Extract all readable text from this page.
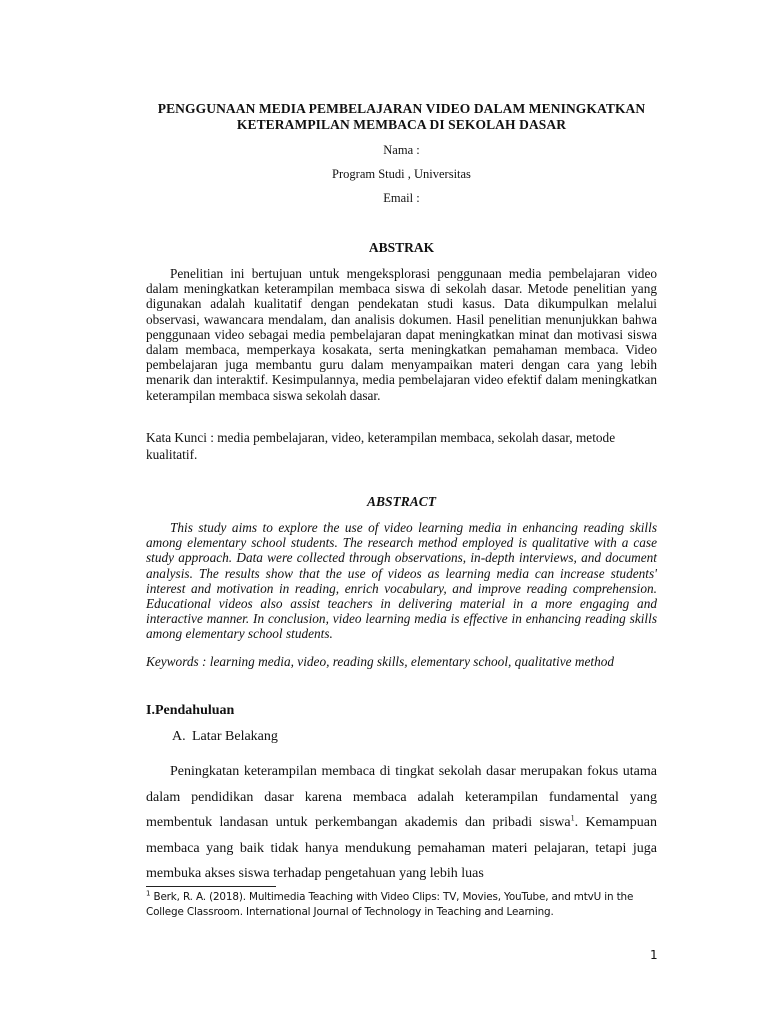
PENGGUNAAN MEDIA PEMBELAJARAN VIDEO DALAM MENINGKATKAN
KETERAMPILAN MEMBACA DI SEKOLAH DASAR
Nama :
Program Studi , Universitas
Email :
ABSTRAK

Penelitian ini bertujuan untuk mengeksplorasi penggunaan media pembelajaran video dalam meningkatkan keterampilan membaca siswa di sekolah dasar. Metode penelitian yang digunakan adalah kualitatif dengan pendekatan studi kasus. Data dikumpulkan melalui observasi, wawancara mendalam, dan analisis dokumen. Hasil penelitian menunjukkan bahwa penggunaan video sebagai media pembelajaran dapat meningkatkan minat dan motivasi siswa dalam membaca, memperkaya kosakata, serta meningkatkan pemahaman membaca. Video pembelajaran juga membantu guru dalam menyampaikan materi dengan cara yang lebih menarik dan interaktif. Kesimpulannya, media pembelajaran video efektif dalam meningkatkan keterampilan membaca siswa sekolah dasar.

Kata Kunci : media pembelajaran, video, keterampilan membaca, sekolah dasar, metode kualitatif.

ABSTRACT

This study aims to explore the use of video learning media in enhancing reading skills among elementary school students. The research method employed is qualitative with a case study approach. Data were collected through observations, in-depth interviews, and document analysis. The results show that the use of videos as learning media can increase students' interest and motivation in reading, enrich vocabulary, and improve reading comprehension. Educational videos also assist teachers in delivering material in a more engaging and interactive manner. In conclusion, video learning media is effective in enhancing reading skills among elementary school students.

Keywords : learning media, video, reading skills, elementary school, qualitative method

I.Pendahuluan
A. Latar Belakang

Peningkatan keterampilan membaca di tingkat sekolah dasar merupakan fokus utama dalam pendidikan dasar karena membaca adalah keterampilan fundamental yang membentuk landasan untuk perkembangan akademis dan pribadi siswa$^1$. Kemampuan membaca yang baik tidak hanya mendukung pemahaman materi pelajaran, tetapi juga membuka akses siswa terhadap pengetahuan yang lebih luas

$^1$ Berk, R. A. (2018). Multimedia Teaching with Video Clips: TV, Movies, YouTube, and mtvU in the College Classroom. International Journal of Technology in Teaching and Learning.
1
